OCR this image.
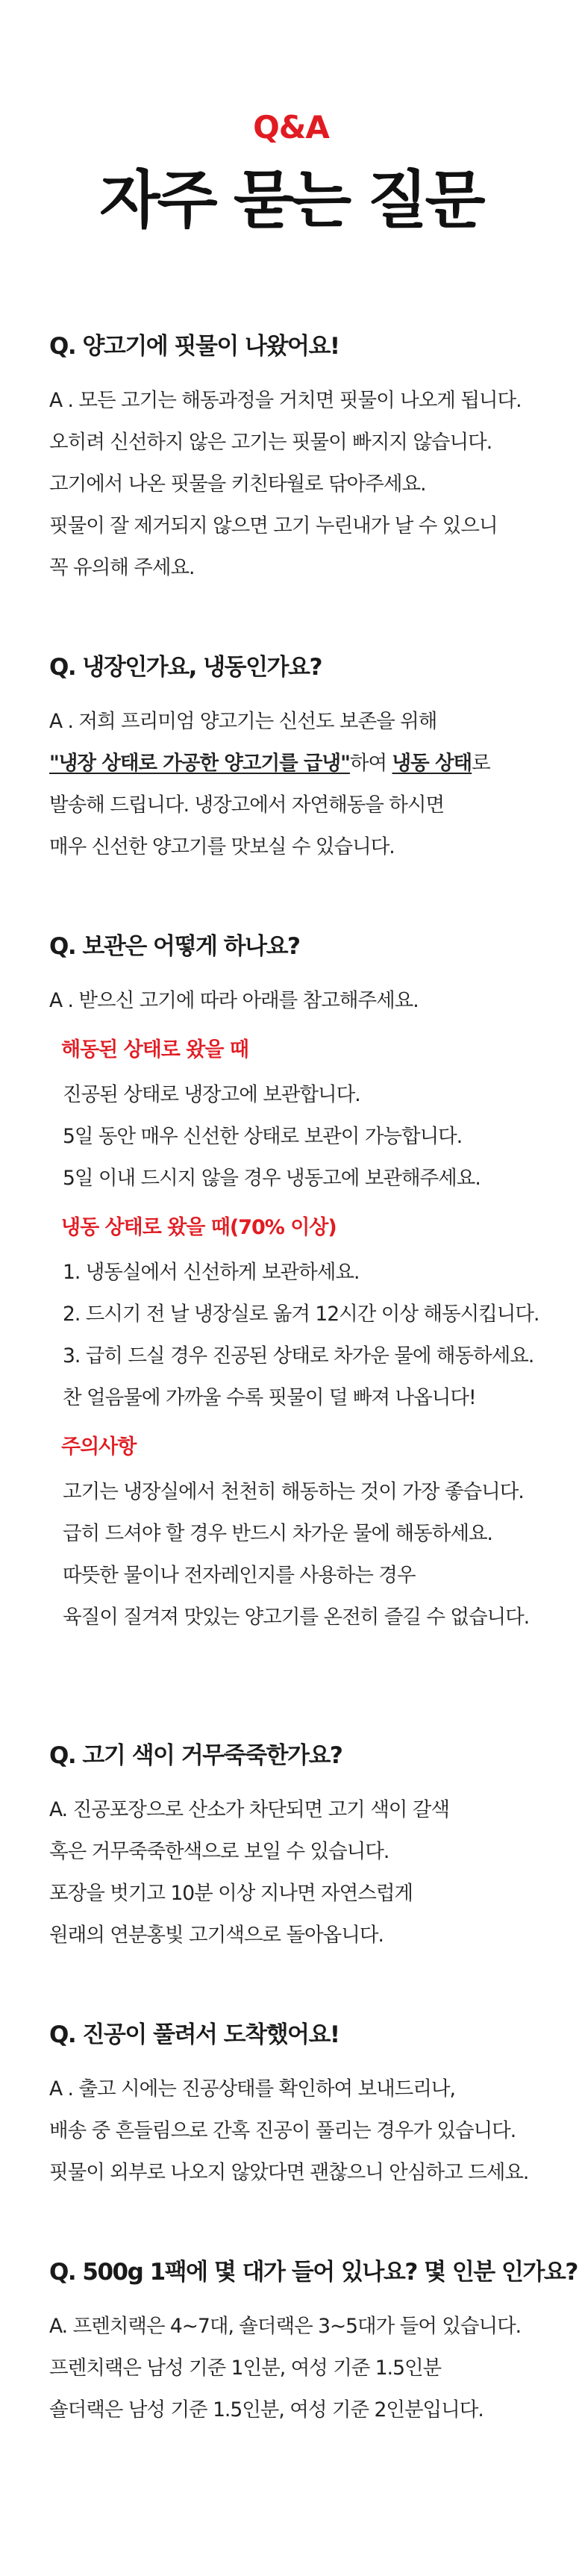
Q&A

자주 묻는 질문
Q. 양고기에 핏물이 나왔어요!

A . 모든 고기는 해동과정을 거치면 핏물이 나오게 됩니다.

오히려 신선하지 않은 고기는 핏물이 빠지지 않습니다.

고기에서 나온 핏물을 키친타월로 닦아주세요.

핏물이 잘 제거되지 않으면 고기 누린내가 날 수 있으니

꼭 유의해 주세요.

Q. 냉장인가요, 냉동인가요?

A . 저희 프리미엄 양고기는 신선도 보존을 위해

"냉장 상태로 가공한 양고기를 급냉"하여 냉동 상태로

발송해 드립니다. 냉장고에서 자연해동을 하시면

매우 신선한 양고기를 맛보실 수 있습니다.

Q. 보관은 어떻게 하나요?

A . 받으신 고기에 따라 아래를 참고해주세요.

해동된 상태로 왔을 때

진공된 상태로 냉장고에 보관합니다.

5일 동안 매우 신선한 상태로 보관이 가능합니다.

5일 이내 드시지 않을 경우 냉동고에 보관해주세요.

냉동 상태로 왔을 때(70% 이상)

1. 냉동실에서 신선하게 보관하세요.

2. 드시기 전 날 냉장실로 옮겨 12시간 이상 해동시킵니다.

3. 급히 드실 경우 진공된 상태로 차가운 물에 해동하세요.

찬 얼음물에 가까울 수록 핏물이 덜 빠져 나옵니다!

주의사항

고기는 냉장실에서 천천히 해동하는 것이 가장 좋습니다.

급히 드셔야 할 경우 반드시 차가운 물에 해동하세요.

따뜻한 물이나 전자레인지를 사용하는 경우

육질이 질겨져 맛있는 양고기를 온전히 즐길 수 없습니다.

Q. 고기 색이 거무죽죽한가요?

A. 진공포장으로 산소가 차단되면 고기 색이 갈색

혹은 거무죽죽한색으로 보일 수 있습니다.

포장을 벗기고 10분 이상 지나면 자연스럽게

원래의 연분홍빛 고기색으로 돌아옵니다.

Q. 진공이 풀려서 도착했어요!

A . 출고 시에는 진공상태를 확인하여 보내드리나,

배송 중 흔들림으로 간혹 진공이 풀리는 경우가 있습니다.

핏물이 외부로 나오지 않았다면 괜찮으니 안심하고 드세요.

Q. 500g 1팩에 몇 대가 들어 있나요? 몇 인분 인가요?

A. 프렌치랙은 4~7대, 숄더랙은 3~5대가 들어 있습니다.

프렌치랙은 남성 기준 1인분, 여성 기준 1.5인분

숄더랙은 남성 기준 1.5인분, 여성 기준 2인분입니다.
